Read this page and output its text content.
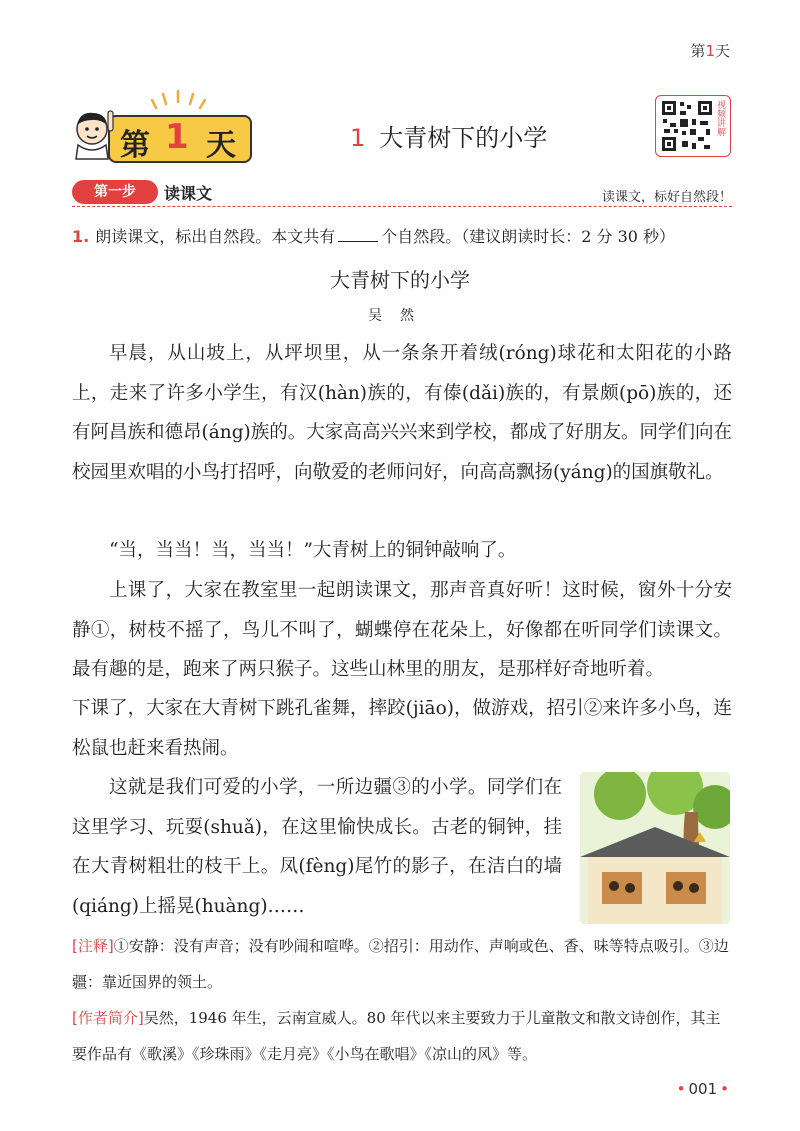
第1天
第 1 天	1 大青树下的小学
视频讲解
第一步	读课文	读课文，标好自然段！
1. 朗读课文，标出自然段。本文共有	个自然段。（建议朗读时长：2 分 30 秒）
大青树下的小学
吴然

早晨，从山坡上，从坪坝里，从一条条开着绒(róng)球花和太阳花的小路上，走来了许多小学生，有汉(hàn)族的，有傣(dǎi)族的，有景颇(pō)族的，还有阿昌族和德昂(áng)族的。大家高高兴兴来到学校，都成了好朋友。同学们向在校园里欢唱的小鸟打招呼，向敬爱的老师问好，向高高飘扬(yáng)的国旗敬礼。

“当，当当！当，当当！”大青树上的铜钟敲响了。

上课了，大家在教室里一起朗读课文，那声音真好听！这时候，窗外十分安静①，树枝不摇了，鸟儿不叫了，蝴蝶停在花朵上，好像都在听同学们读课文。最有趣的是，跑来了两只猴子。这些山林里的朋友，是那样好奇地听着。

下课了，大家在大青树下跳孔雀舞，摔跤(jiāo)，做游戏，招引②来许多小鸟，连松鼠也赶来看热闹。

这就是我们可爱的小学，一所边疆③的小学。同学们在这里学习、玩耍(shuǎ)，在这里愉快成长。古老的铜钟，挂在大青树粗壮的枝干上。凤(fèng)尾竹的影子，在洁白的墙(qiáng)上摇晃(huàng)……

[注释]①安静：没有声音；没有吵闹和喧哗。②招引：用动作、声响或色、香、味等特点吸引。③边疆：靠近国界的领土。

[作者简介]吴然，1946 年生，云南宣威人。80 年代以来主要致力于儿童散文和散文诗创作，其主要作品有《歌溪》《珍珠雨》《走月亮》《小鸟在歌唱》《凉山的风》等。

• 001 •
